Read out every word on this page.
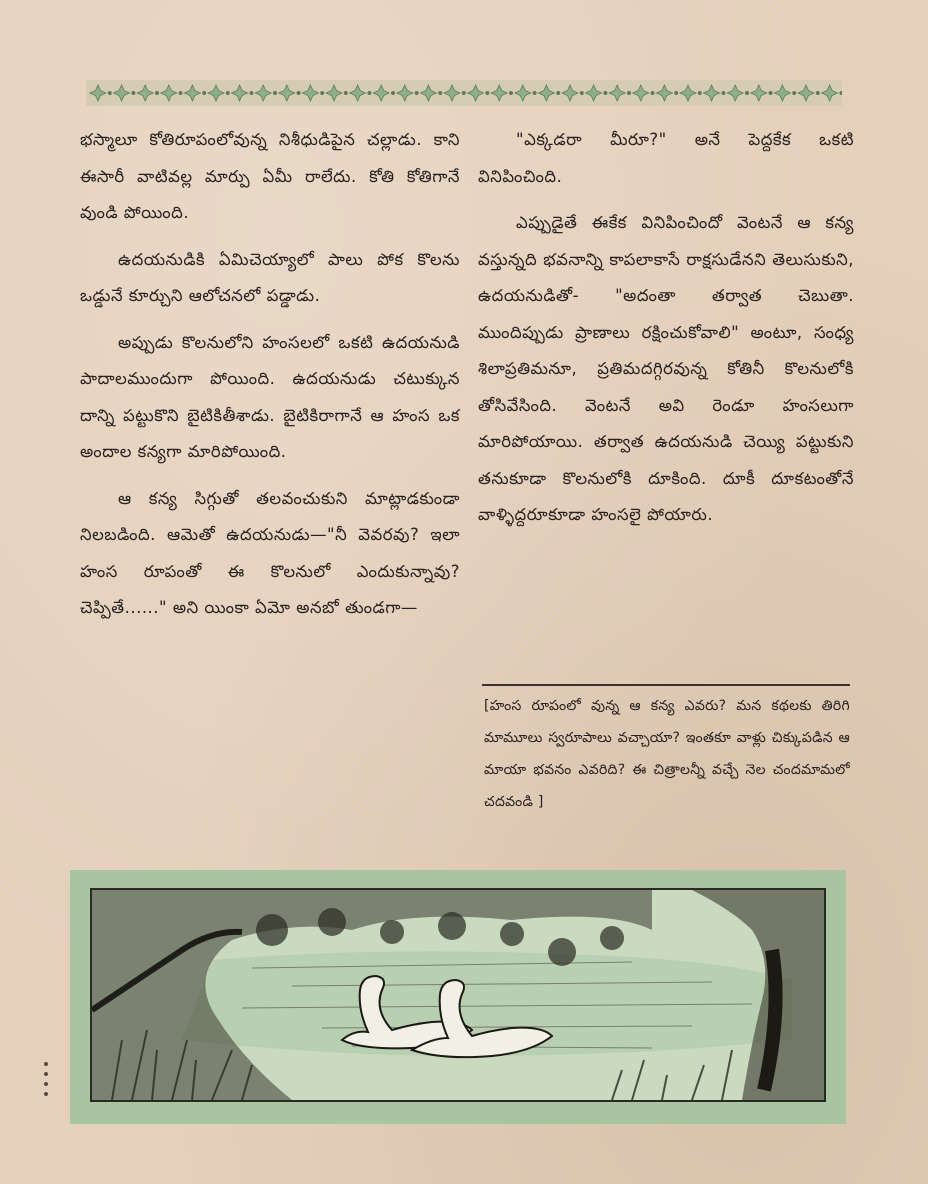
భస్మాలూ కోతిరూపంలోవున్న నిశీధుడిపైన చల్లాడు. కాని ఈసారీ వాటివల్ల మార్పు ఏమీ రాలేదు. కోతి కోతిగానే వుండి పోయింది.

ఉదయనుడికి ఏమిచెయ్యాలో పాలు పోక కొలను ఒడ్డునే కూర్చుని ఆలోచనలో పడ్డాడు.

అప్పుడు కొలనులోని హంసలలో ఒకటి ఉదయనుడి పాదాలముందుగా పోయింది. ఉదయనుడు చటుక్కున దాన్ని పట్టుకొని బైటికితీశాడు. బైటికిరాగానే ఆ హంస ఒక అందాల కన్యగా మారిపోయింది.

ఆ కన్య సిగ్గుతో తలవంచుకుని మాట్లాడకుండా నిలబడింది. ఆమెతో ఉదయనుడు—"నీ వెవరవు? ఇలా హంస రూపంతో ఈ కొలనులో ఎందుకున్నావు? చెప్పితే......" అని యింకా ఏమో అనబో తుండగా—

"ఎక్కడరా మీరూ?" అనే పెద్దకేక ఒకటి వినిపించింది.

ఎప్పుడైతే ఈకేక వినిపించిందో వెంటనే ఆ కన్య వస్తున్నది భవనాన్ని కాపలాకాసే రాక్షసుడేనని తెలుసుకుని, ఉదయనుడితో- "అదంతా తర్వాత చెబుతా. ముందిప్పుడు ప్రాణాలు రక్షించుకోవాలి" అంటూ, సంధ్య శిలాప్రతిమనూ, ప్రతిమదగ్గిరవున్న కోతినీ కొలనులోకి తోసివేసింది. వెంటనే అవి రెండూ హంసలుగా మారిపోయాయి. తర్వాత ఉదయనుడి చెయ్యి పట్టుకుని తనుకూడా కొలనులోకి దూకింది. దూకీ దూకటంతోనే వాళ్ళిద్దరూకూడా హంసలై పోయారు.

[హంస రూపంలో వున్న ఆ కన్య ఎవరు? మన కథలకు తిరిగి మామూలు స్వరూపాలు వచ్చాయా? ఇంతకూ వాళ్లు చిక్కుపడిన ఆ మాయా భవనం ఎవరిది? ఈ చిత్రాలన్నీ వచ్చే నెల చందమామలో చదవండి ]
